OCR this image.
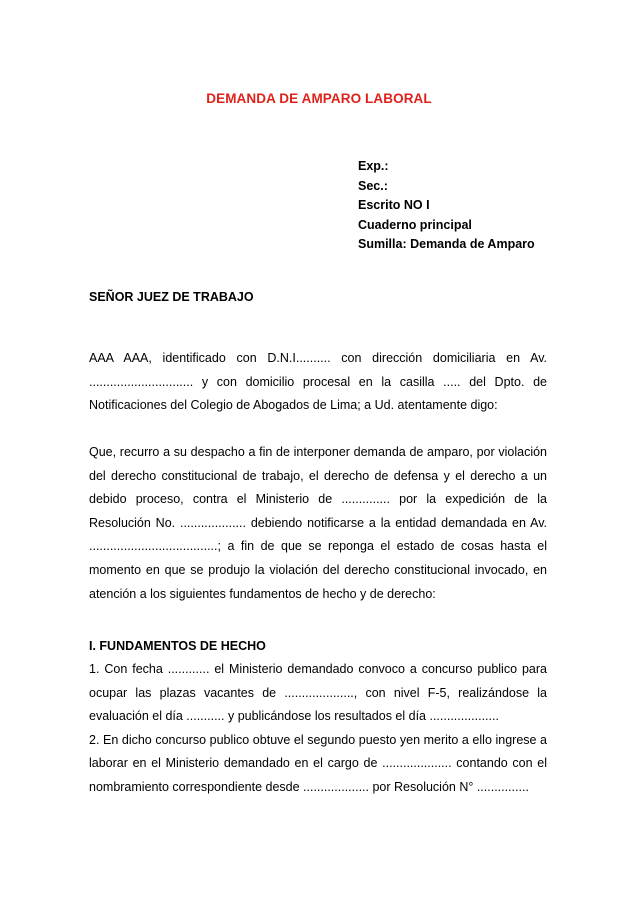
DEMANDA DE AMPARO LABORAL
Exp.:
Sec.:
Escrito NO I
Cuaderno principal
Sumilla: Demanda de Amparo
SEÑOR JUEZ DE TRABAJO

AAA AAA, identificado con D.N.I.......... con dirección domiciliaria en Av. .............................. y con domicilio procesal en la casilla ..... del Dpto. de Notificaciones del Colegio de Abogados de Lima; a Ud. atentamente digo:

Que, recurro a su despacho a fin de interponer demanda de amparo, por violación del derecho constitucional de trabajo, el derecho de defensa y el derecho a un debido proceso, contra el Ministerio de .............. por la expedición de la Resolución No. ................... debiendo notificarse a la entidad demandada en Av. .....................................; a fin de que se reponga el estado de cosas hasta el momento en que se produjo la violación del derecho constitucional invocado, en atención a los siguientes fundamentos de hecho y de derecho:

I. FUNDAMENTOS DE HECHO

1. Con fecha ............ el Ministerio demandado convoco a concurso publico para ocupar las plazas vacantes de ...................., con nivel F-5, realizándose la evaluación el día ........... y publicándose los resultados el día ....................

2. En dicho concurso publico obtuve el segundo puesto yen merito a ello ingrese a laborar en el Ministerio demandado en el cargo de .................... contando con el nombramiento correspondiente desde ................... por Resolución N° ...............
